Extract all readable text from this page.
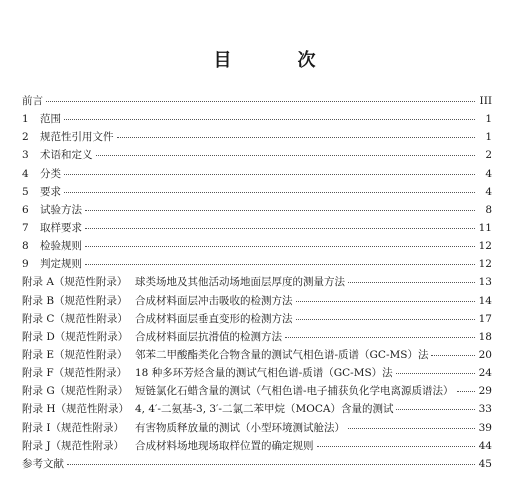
目　次
前言	III
1	范围	1
2	规范性引用文件	1
3	术语和定义	2
4	分类	4
5	要求	4
6	试验方法	8
7	取样要求	11
8	检验规则	12
9	判定规则	12
附录 A（规范性附录） 球类场地及其他活动场地面层厚度的测量方法	13
附录 B（规范性附录） 合成材料面层冲击吸收的检测方法	14
附录 C（规范性附录） 合成材料面层垂直变形的检测方法	17
附录 D（规范性附录） 合成材料面层抗滑值的检测方法	18
附录 E（规范性附录） 邻苯二甲酸酯类化合物含量的测试气相色谱-质谱（GC-MS）法	20
附录 F（规范性附录） 18 种多环芳烃含量的测试气相色谱-质谱（GC-MS）法	24
附录 G（规范性附录） 短链氯化石蜡含量的测试（气相色谱-电子捕获负化学电离源质谱法） 29
附录 H（规范性附录） 4, 4′-二氨基-3, 3′-二氯二苯甲烷（MOCA）含量的测试	33
附录 I（规范性附录）	有害物质释放量的测试（小型环境测试舱法）	39
附录 J（规范性附录）	合成材料场地现场取样位置的确定规则	44
参考文献	45
